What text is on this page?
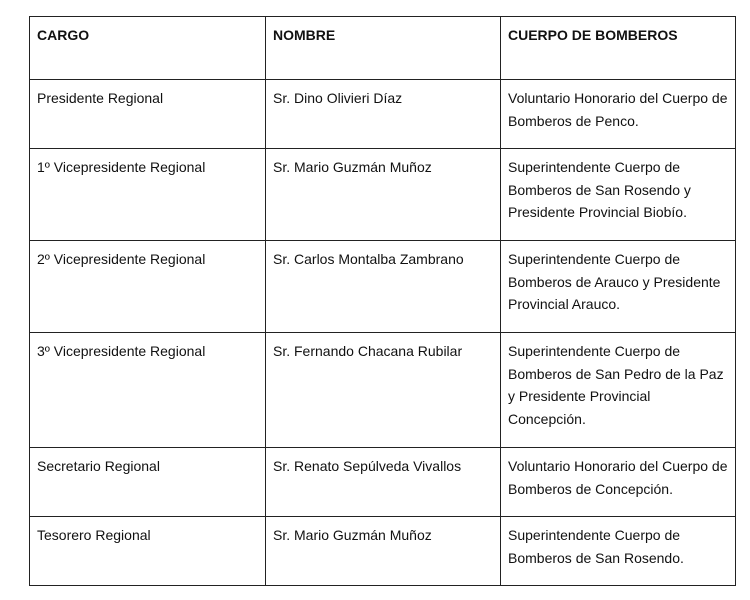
CARGO	NOMBRE	CUERPO DE BOMBEROS
Presidente Regional	Sr. Dino Olivieri Díaz	Voluntario Honorario del Cuerpo de Bomberos de Penco.
1º Vicepresidente Regional	Sr. Mario Guzmán Muñoz	Superintendente Cuerpo de Bomberos de San Rosendo y Presidente Provincial Biobío.
2º Vicepresidente Regional	Sr. Carlos Montalba Zambrano	Superintendente Cuerpo de Bomberos de Arauco y Presidente Provincial Arauco.
3º Vicepresidente Regional	Sr. Fernando Chacana Rubilar	Superintendente Cuerpo de Bomberos de San Pedro de la Paz y Presidente Provincial Concepción.
Secretario Regional	Sr. Renato Sepúlveda Vivallos	Voluntario Honorario del Cuerpo de Bomberos de Concepción.
Tesorero Regional	Sr. Mario Guzmán Muñoz	Superintendente Cuerpo de Bomberos de San Rosendo.
